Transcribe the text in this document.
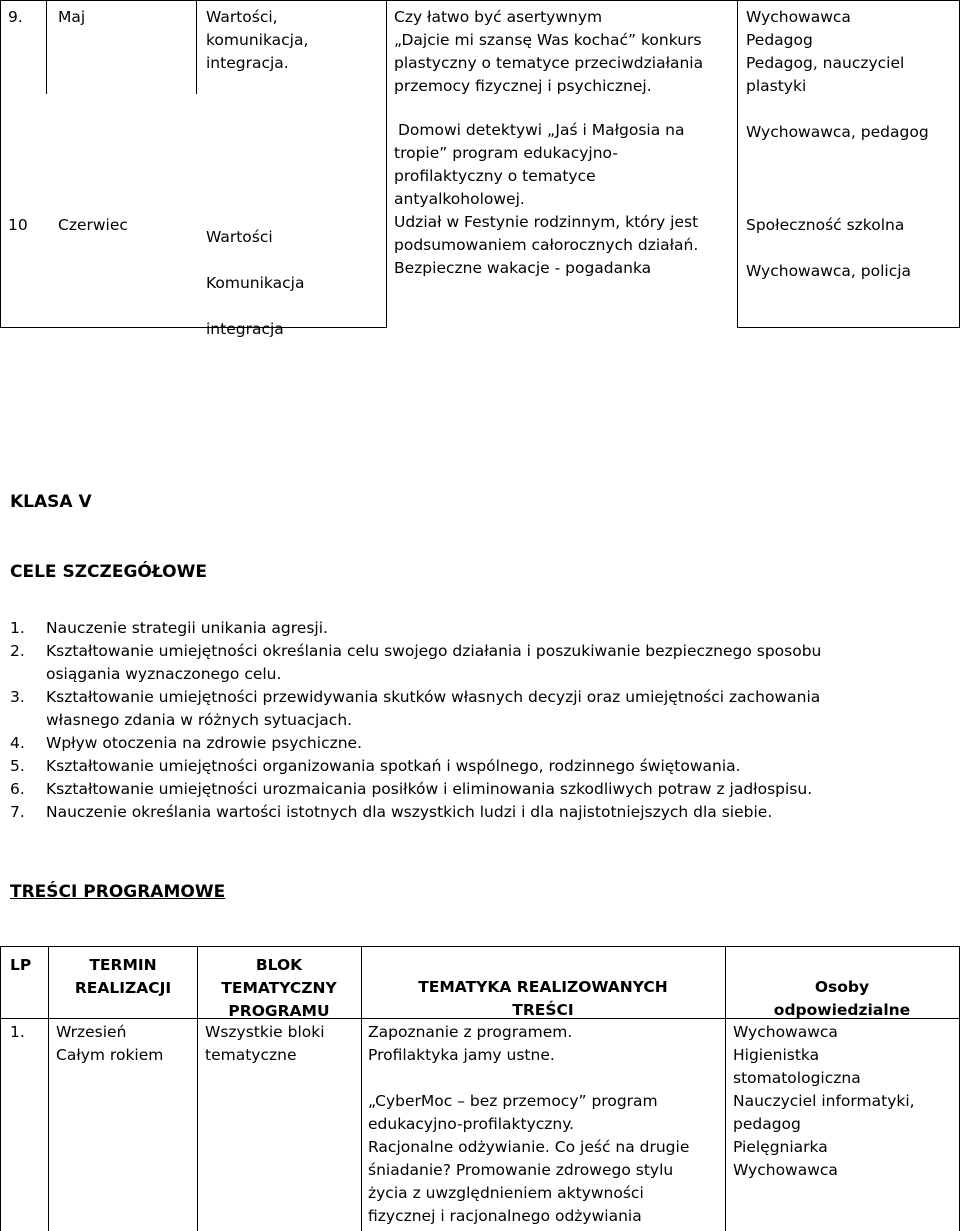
9. Maj	Wartości,
komunikacja,
integracja.
Czy łatwo być asertywnym
„Dajcie mi szansę Was kochać” konkurs
plastyczny o tematyce przeciwdziałania
przemocy fizycznej i psychicznej.
Wychowawca
Pedagog
Pedagog, nauczyciel
plastyki
10 Czerwiec
Wartości
Komunikacja
integracja
Domowi detektywi „Jaś i Małgosia na
tropie” program edukacyjno-
profilaktyczny o tematyce
antyalkoholowej.
Udział w Festynie rodzinnym, który jest
podsumowaniem całorocznych działań.
Bezpieczne wakacje - pogadanka
Wychowawca, pedagog
Społeczność szkolna
Wychowawca, policja
KLASA V
CELE SZCZEGÓŁOWE
1. Nauczenie strategii unikania agresji.
2. Kształtowanie umiejętności określania celu swojego działania i poszukiwanie bezpiecznego sposobu
osiągania wyznaczonego celu.
3. Kształtowanie umiejętności przewidywania skutków własnych decyzji oraz umiejętności zachowania
własnego zdania w różnych sytuacjach.
4. Wpływ otoczenia na zdrowie psychiczne.
5. Kształtowanie umiejętności organizowania spotkań i wspólnego, rodzinnego świętowania.
6. Kształtowanie umiejętności urozmaicania posiłków i eliminowania szkodliwych potraw z jadłospisu.
7. Nauczenie określania wartości istotnych dla wszystkich ludzi i dla najistotniejszych dla siebie.
TREŚCI PROGRAMOWE
LP	TERMIN
REALIZACJI
BLOK
TEMATYCZNY
PROGRAMU
TEMATYKA REALIZOWANYCH
TREŚCI
Osoby
odpowiedzialne
1. Wrzesień
Całym rokiem
Wszystkie bloki
tematyczne
Zapoznanie z programem.
Profilaktyka jamy ustne.
„CyberMoc – bez przemocy” program
edukacyjno-profilaktyczny.
Racjonalne odżywianie. Co jeść na drugie
śniadanie? Promowanie zdrowego stylu
życia z uwzględnieniem aktywności
fizycznej i racjonalnego odżywiania
Wychowawca
Higienistka
stomatologiczna
Nauczyciel informatyki,
pedagog
Pielęgniarka
Wychowawca
